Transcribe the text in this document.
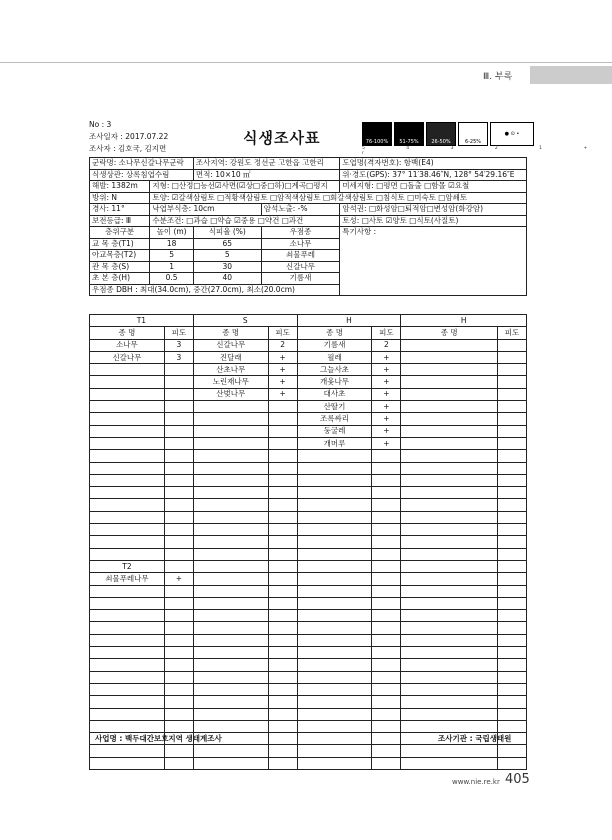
Ⅲ. 부록
No : 3
조사일자 : 2017.07.22
조사자 : 김호국, 김지면
식생조사표	76-100%	51-75%	26-50%	6-25%
● ⊙ •
5 4 3 2 1 + r
군락명: 소나무신갈나무군락		조사지역: 강원도 정선군 고한읍 고한리		도엽명(격자번호): 함백(E4)
식생상관: 상록침엽수림		면적: 10×10 ㎡		위·경도(GPS): 37° 11′38.46″N, 128° 54′29.16″E
해발: 1382m	지형: □산정□능선☑사면(☑상□중□하)□계곡□평지			미세지형: □평면 □돌출 □함몰 ☑요철
방위: N	토양: ☑갈색삼림토 □적황색삼림토 □암적색삼림토 □회갈색삼림토 □침식토 □미숙토 □암쇄토			
경사: 11°	낙엽부식층: 10cm		암석노출: -%	암석권: □화성암□퇴적암□변성암(화강암)
보전등급: Ⅲ	수분조건: □과습 □약습 ☑중용 □약건 □과건			토성: □사토 ☑양토 □식토(사질토)
층위구분	높이 (m)	식피율 (%)	우점종	특기사항 :
교 목 층(T1)	18	65	소나무	
아교목층(T2)	5	5	쇠물푸레	
관 목 층(S)	1	30	신갈나무	
초 본 층(H)	0.5	40	기름새	
우점종 DBH : 최대(34.0cm), 중간(27.0cm), 최소(20.0cm)				
T1		S		H		H	
종 명	피도	종 명	피도	종 명	피도	종 명	피도
소나무	3	신갈나무	2	기름새	2		
신갈나무	3	진달래	+	필레	+		
		산초나무	+	그늘사초	+		
		노린재나무	+	개옻나무	+		
		산벚나무	+	대사초	+		
				산딸기	+		
				조록싸리	+		
				둥굴레	+		
				개머루	+		

T2							
쇠물푸레나무	+						

사업명 : 백두대간보호지역 생태계조사	조사기관 : 국립생태원
www.nie.re.kr 405
